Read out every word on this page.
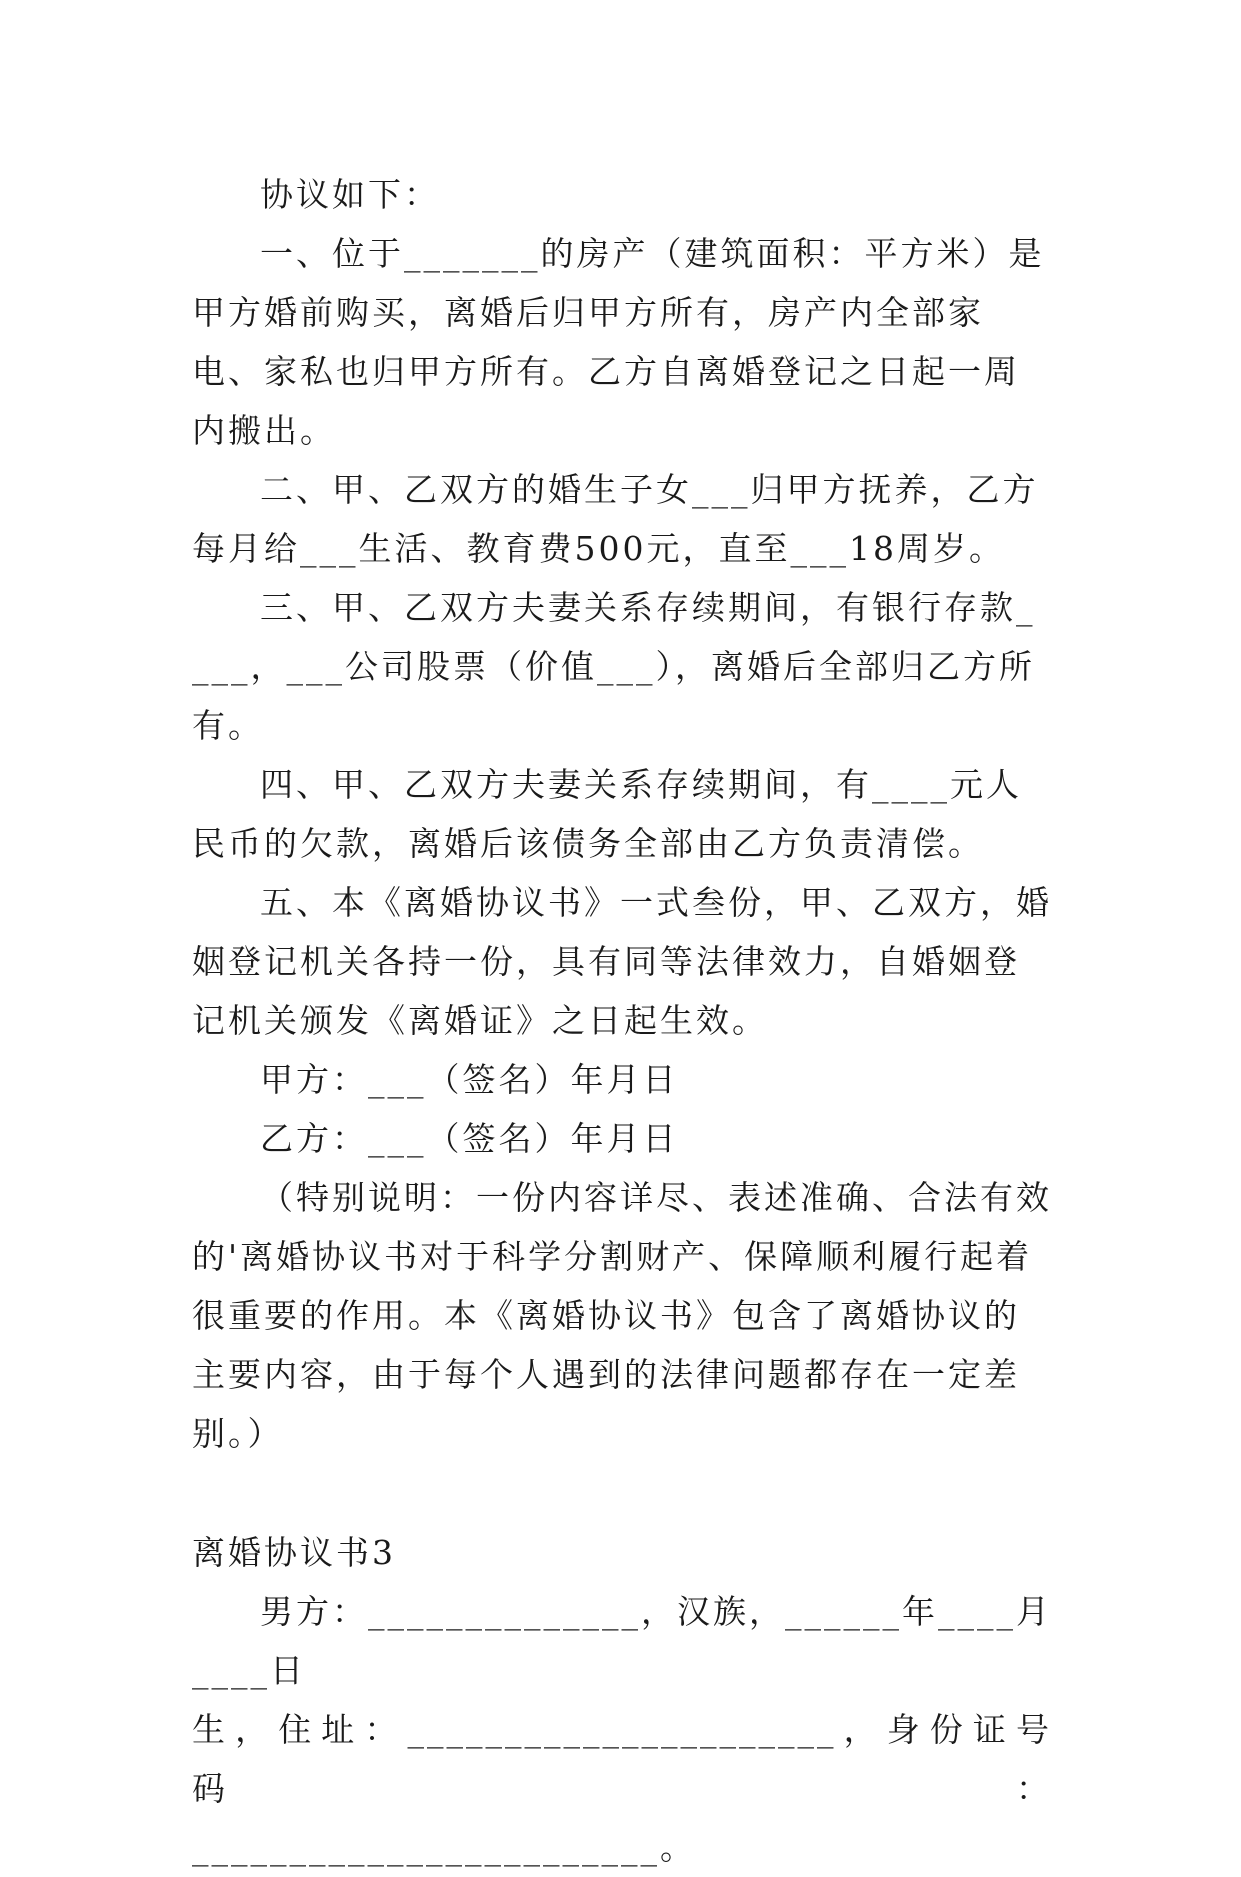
协议如下：

一、位于_______的房产（建筑面积：平方米）是甲方婚前购买，离婚后归甲方所有，房产内全部家电、家私也归甲方所有。乙方自离婚登记之日起一周内搬出。

二、甲、乙双方的婚生子女___归甲方抚养，乙方每月给___生活、教育费500元，直至___18周岁。

三、甲、乙双方夫妻关系存续期间，有银行存款____，___公司股票（价值___），离婚后全部归乙方所有。

四、甲、乙双方夫妻关系存续期间，有____元人民币的欠款，离婚后该债务全部由乙方负责清偿。

五、本《离婚协议书》一式叁份，甲、乙双方，婚姻登记机关各持一份，具有同等法律效力，自婚姻登记机关颁发《离婚证》之日起生效。

甲方：___（签名）年月日

乙方：___（签名）年月日

（特别说明：一份内容详尽、表述准确、合法有效的'离婚协议书对于科学分割财产、保障顺利履行起着很重要的作用。本《离婚协议书》包含了离婚协议的主要内容，由于每个人遇到的法律问题都存在一定差别。）

离婚协议书3

男方：______________，汉族，______年____月____日

生，住址：______________________，身份证号码：

________________________。
